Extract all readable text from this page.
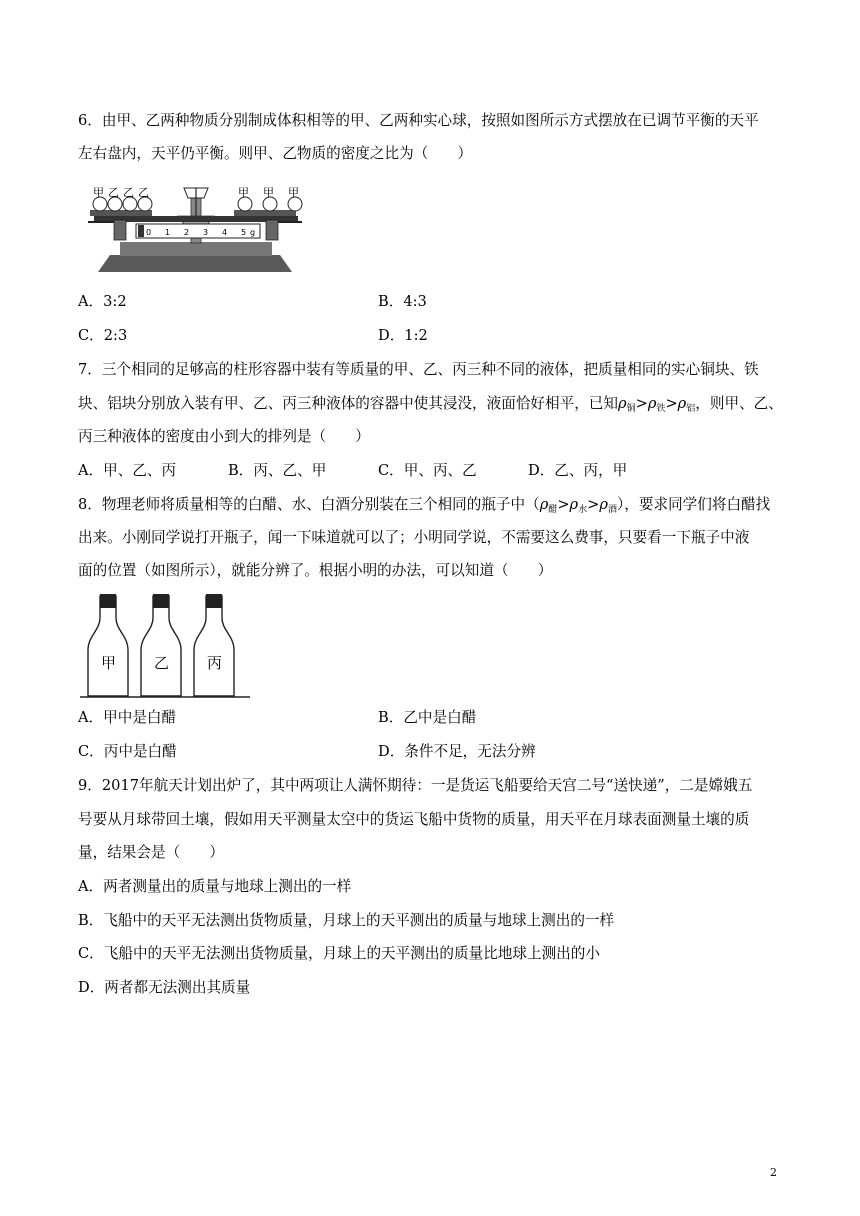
6．由甲、乙两种物质分别制成体积相等的甲、乙两种实心球，按照如图所示方式摆放在已调节平衡的天平
左右盘内，天平仍平衡。则甲、乙物质的密度之比为（　　）
甲 乙 乙 乙	甲 甲 甲
0 1 2 3 4 5 g
A．3:2	B．4:3
C．2:3	D．1:2
7．三个相同的足够高的柱形容器中装有等质量的甲、乙、丙三种不同的液体，把质量相同的实心铜块、铁
块、铝块分别放入装有甲、乙、丙三种液体的容器中使其浸没，液面恰好相平，已知$\rho_铜>\rho_铁>\rho_铝$，则甲、乙、
丙三种液体的密度由小到大的排列是（　　）
A．甲、乙、丙	B．丙、乙、甲	C．甲、丙、乙	D．乙、丙，甲
8．物理老师将质量相等的白醋、水、白酒分别装在三个相同的瓶子中$(\rho_醋>\rho_水>\rho_酒)$，要求同学们将白醋找
出来。小刚同学说打开瓶子，闻一下味道就可以了；小明同学说，不需要这么费事，只要看一下瓶子中液
面的位置（如图所示），就能分辨了。根据小明的办法，可以知道（　　）
甲	乙	丙
A．甲中是白醋	B．乙中是白醋
C．丙中是白醋	D．条件不足，无法分辨
9．2017年航天计划出炉了，其中两项让人满怀期待：一是货运飞船要给天宫二号“送快递”，二是嫦娥五
号要从月球带回土壤，假如用天平测量太空中的货运飞船中货物的质量，用天平在月球表面测量土壤的质
量，结果会是（　　）
A．两者测量出的质量与地球上测出的一样
B．飞船中的天平无法测出货物质量，月球上的天平测出的质量与地球上测出的一样
C．飞船中的天平无法测出货物质量，月球上的天平测出的质量比地球上测出的小
D．两者都无法测出其质量
2
